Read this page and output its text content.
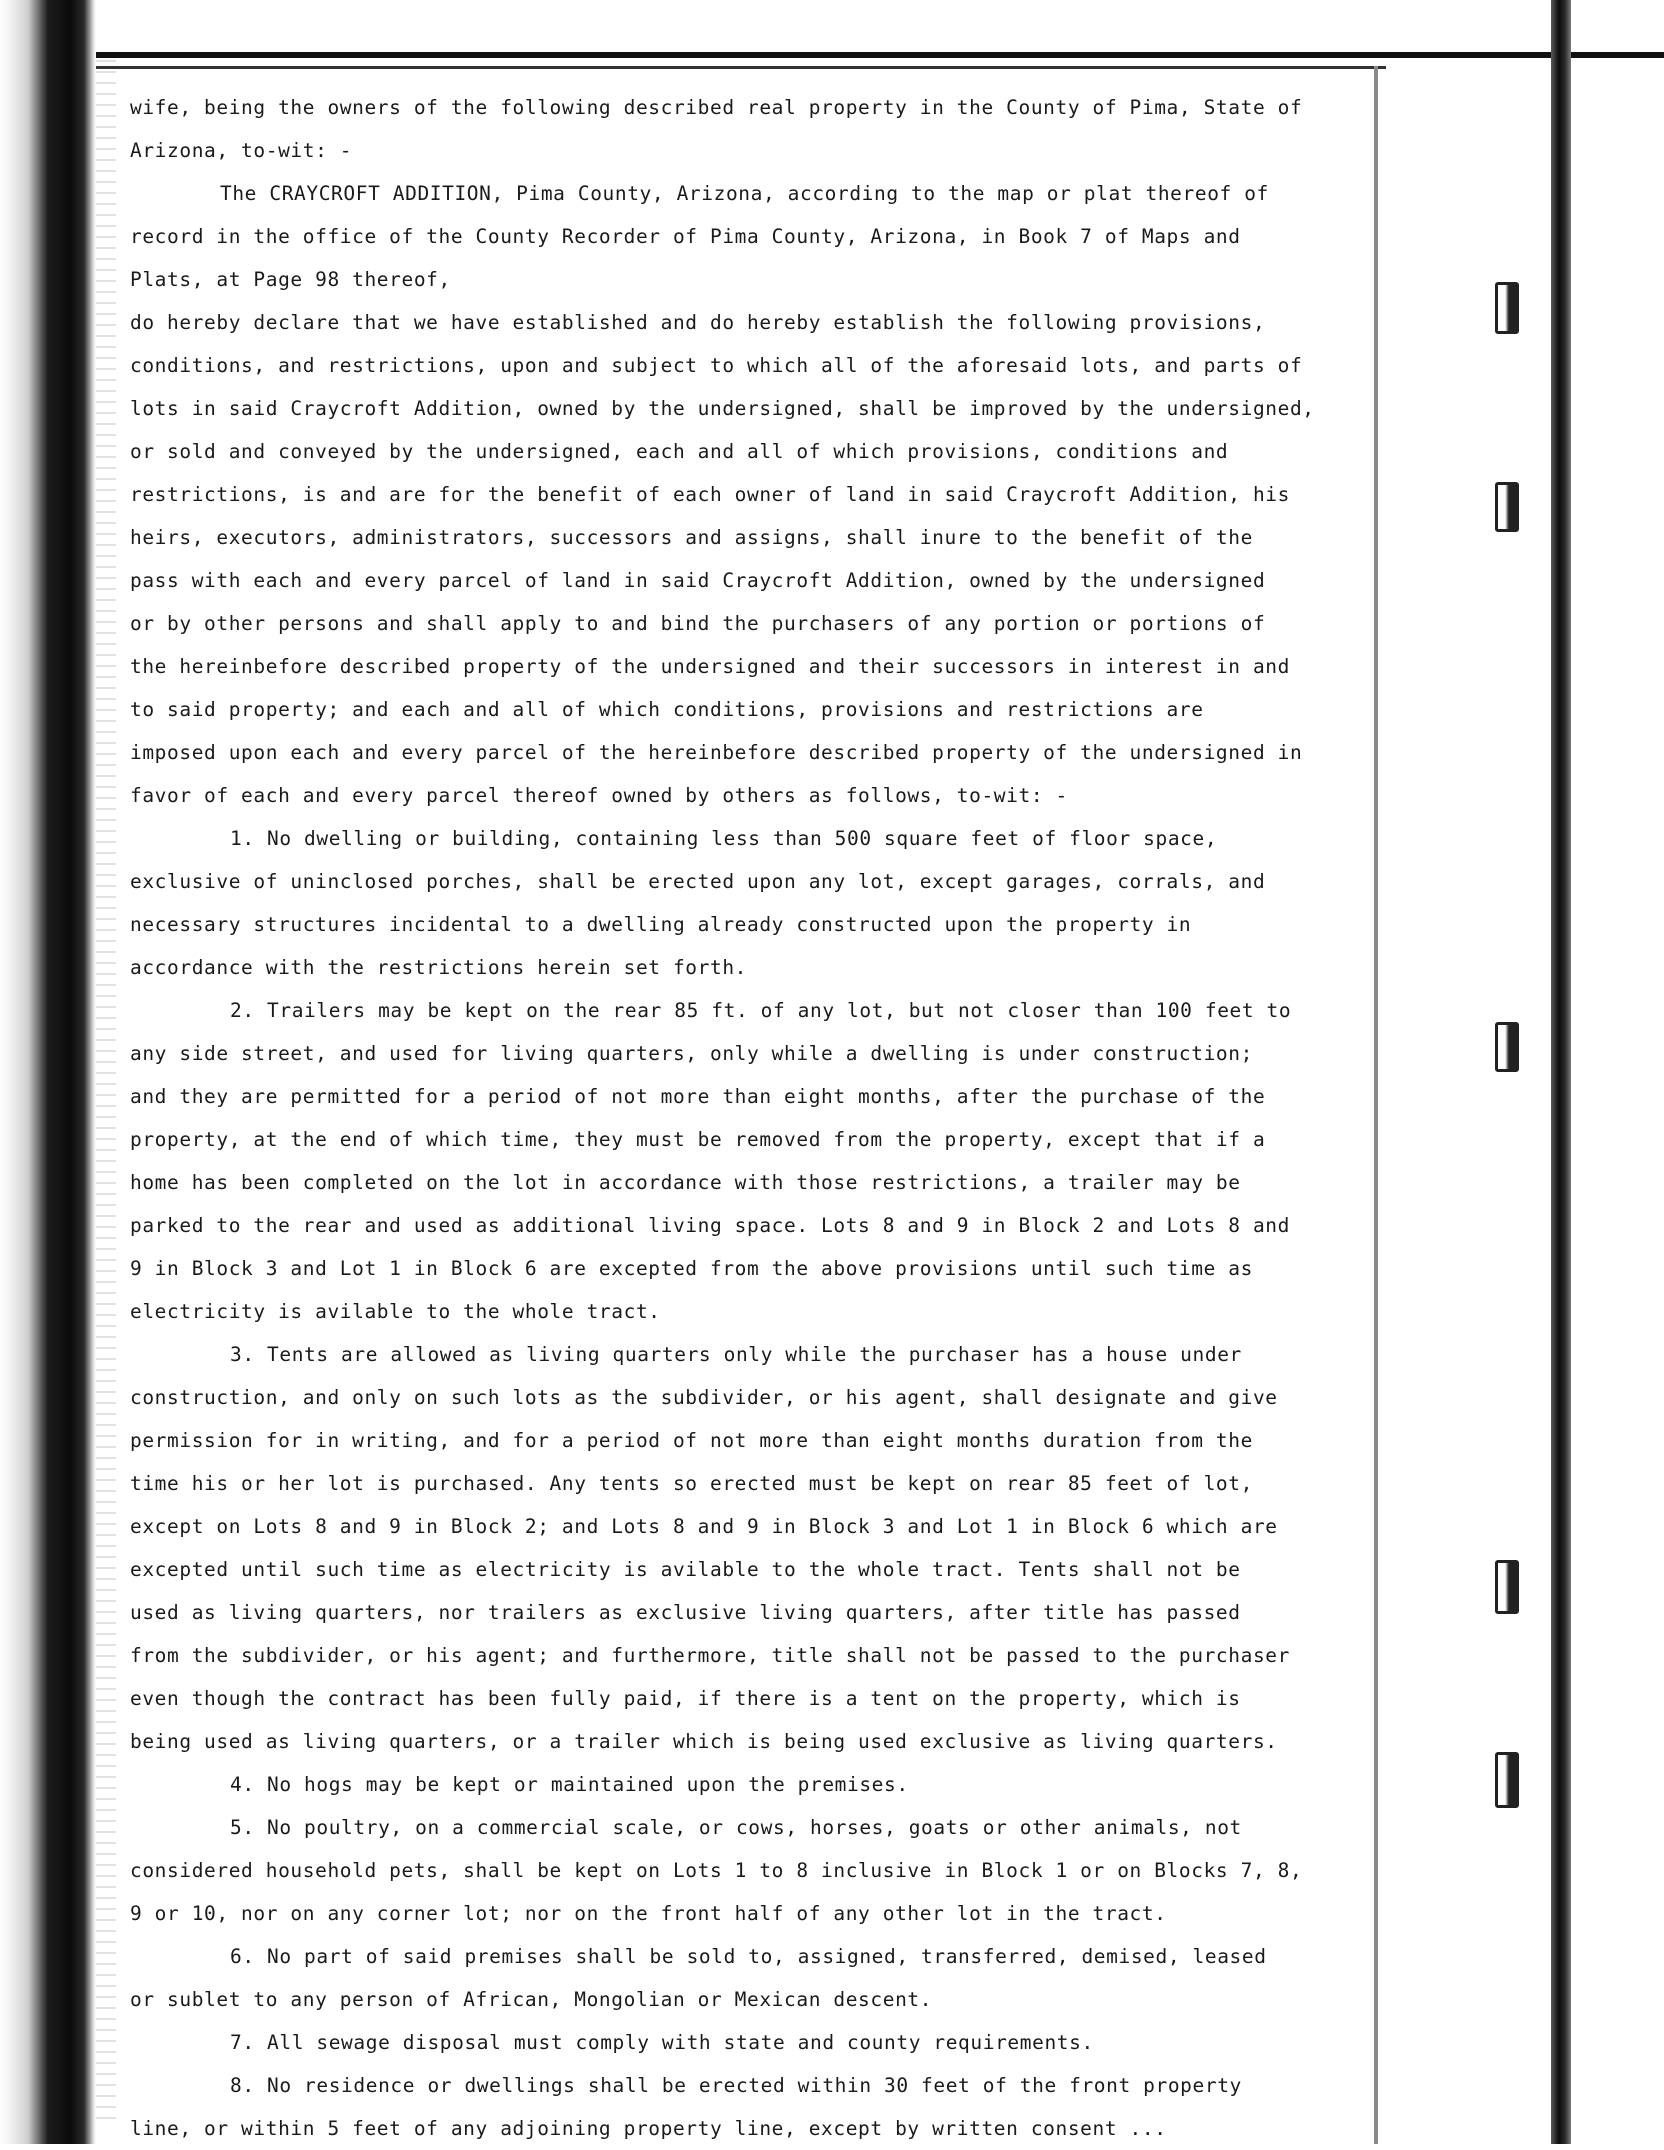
wife, being the owners of the following described real property in the County of Pima, State of
Arizona, to-wit: -
The CRAYCROFT ADDITION, Pima County, Arizona, according to the map or plat thereof of
record in the office of the County Recorder of Pima County, Arizona, in Book 7 of Maps and
Plats, at Page 98 thereof,
do hereby declare that we have established and do hereby establish the following provisions,
conditions, and restrictions, upon and subject to which all of the aforesaid lots, and parts of
lots in said Craycroft Addition, owned by the undersigned, shall be improved by the undersigned,
or sold and conveyed by the undersigned, each and all of which provisions, conditions and
restrictions, is and are for the benefit of each owner of land in said Craycroft Addition, his
heirs, executors, administrators, successors and assigns, shall inure to the benefit of the
pass with each and every parcel of land in said Craycroft Addition, owned by the undersigned
or by other persons and shall apply to and bind the purchasers of any portion or portions of
the hereinbefore described property of the undersigned and their successors in interest in and
to said property; and each and all of which conditions, provisions and restrictions are
imposed upon each and every parcel of the hereinbefore described property of the undersigned in
favor of each and every parcel thereof owned by others as follows, to-wit: -
1. No dwelling or building, containing less than 500 square feet of floor space,
exclusive of uninclosed porches, shall be erected upon any lot, except garages, corrals, and
necessary structures incidental to a dwelling already constructed upon the property in
accordance with the restrictions herein set forth.
2. Trailers may be kept on the rear 85 ft. of any lot, but not closer than 100 feet to
any side street, and used for living quarters, only while a dwelling is under construction;
and they are permitted for a period of not more than eight months, after the purchase of the
property, at the end of which time, they must be removed from the property, except that if a
home has been completed on the lot in accordance with those restrictions, a trailer may be
parked to the rear and used as additional living space. Lots 8 and 9 in Block 2 and Lots 8 and
9 in Block 3 and Lot 1 in Block 6 are excepted from the above provisions until such time as
electricity is avilable to the whole tract.
3. Tents are allowed as living quarters only while the purchaser has a house under
construction, and only on such lots as the subdivider, or his agent, shall designate and give
permission for in writing, and for a period of not more than eight months duration from the
time his or her lot is purchased. Any tents so erected must be kept on rear 85 feet of lot,
except on Lots 8 and 9 in Block 2; and Lots 8 and 9 in Block 3 and Lot 1 in Block 6 which are
excepted until such time as electricity is avilable to the whole tract. Tents shall not be
used as living quarters, nor trailers as exclusive living quarters, after title has passed
from the subdivider, or his agent; and furthermore, title shall not be passed to the purchaser
even though the contract has been fully paid, if there is a tent on the property, which is
being used as living quarters, or a trailer which is being used exclusive as living quarters.
4. No hogs may be kept or maintained upon the premises.
5. No poultry, on a commercial scale, or cows, horses, goats or other animals, not
considered household pets, shall be kept on Lots 1 to 8 inclusive in Block 1 or on Blocks 7, 8,
9 or 10, nor on any corner lot; nor on the front half of any other lot in the tract.
6. No part of said premises shall be sold to, assigned, transferred, demised, leased
or sublet to any person of African, Mongolian or Mexican descent.
7. All sewage disposal must comply with state and county requirements.
8. No residence or dwellings shall be erected within 30 feet of the front property
line, or within 5 feet of any adjoining property line, except by written consent ...
